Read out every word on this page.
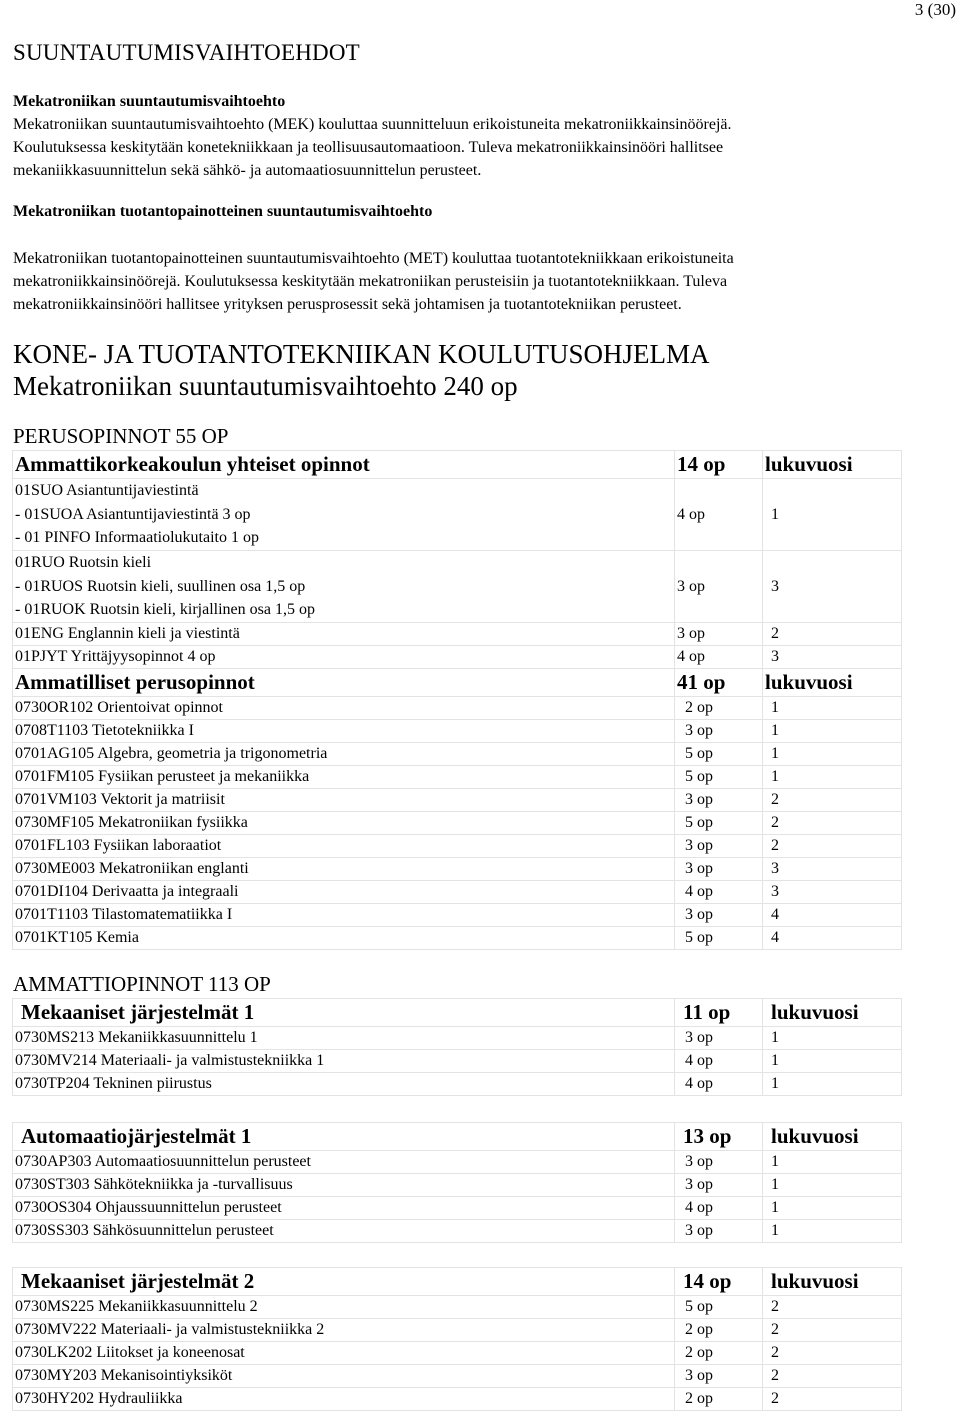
3 (30)
SUUNTAUTUMISVAIHTOEHDOT
Mekatroniikan suuntautumisvaihtoehto
Mekatroniikan suuntautumisvaihtoehto (MEK) kouluttaa suunnitteluun erikoistuneita mekatroniikkainsinöörejä.
Koulutuksessa keskitytään konetekniikkaan ja teollisuusautomaatioon. Tuleva mekatroniikkainsinööri hallitsee
mekaniikkasuunnittelun sekä sähkö- ja automaatiosuunnittelun perusteet.
Mekatroniikan tuotantopainotteinen suuntautumisvaihtoehto
Mekatroniikan tuotantopainotteinen suuntautumisvaihtoehto (MET) kouluttaa tuotantotekniikkaan erikoistuneita
mekatroniikkainsinöörejä. Koulutuksessa keskitytään mekatroniikan perusteisiin ja tuotantotekniikkaan. Tuleva
mekatroniikkainsinööri hallitsee yrityksen perusprosessit sekä johtamisen ja tuotantotekniikan perusteet.
KONE- JA TUOTANTOTEKNIIKAN KOULUTUSOHJELMA
Mekatroniikan suuntautumisvaihtoehto 240 op
PERUSOPINNOT 55 OP
Ammattikorkeakoulun yhteiset opinnot	14 op	lukuvuosi

01SUO Asiantuntijaviestintä
- 01SUOA Asiantuntijaviestintä 3 op
- 01 PINFO Informaatiolukutaito 1 op	4 op	1

01RUO Ruotsin kieli
- 01RUOS Ruotsin kieli, suullinen osa 1,5 op
- 01RUOK Ruotsin kieli, kirjallinen osa 1,5 op	3 op	3
01ENG Englannin kieli ja viestintä	3 op	2
01PJYT Yrittäjyysopinnot 4 op	4 op	3
Ammatilliset perusopinnot	41 op	lukuvuosi
0730OR102 Orientoivat opinnot	2 op	1
0708T1103 Tietotekniikka I	3 op	1
0701AG105 Algebra, geometria ja trigonometria	5 op	1
0701FM105 Fysiikan perusteet ja mekaniikka	5 op	1
0701VM103 Vektorit ja matriisit	3 op	2
0730MF105 Mekatroniikan fysiikka	5 op	2
0701FL103 Fysiikan laboraatiot	3 op	2
0730ME003 Mekatroniikan englanti	3 op	3
0701DI104 Derivaatta ja integraali	4 op	3
0701T1103 Tilastomatematiikka I	3 op	4
0701KT105 Kemia	5 op	4
AMMATTIOPINNOT 113 OP
Mekaaniset järjestelmät 1	11 op	lukuvuosi
0730MS213 Mekaniikkasuunnittelu 1	3 op	1
0730MV214 Materiaali- ja valmistustekniikka 1	4 op	1
0730TP204 Tekninen piirustus	4 op	1
Automaatiojärjestelmät 1	13 op	lukuvuosi
0730AP303 Automaatiosuunnittelun perusteet	3 op	1
0730ST303 Sähkötekniikka ja -turvallisuus	3 op	1
0730OS304 Ohjaussuunnittelun perusteet	4 op	1
0730SS303 Sähkösuunnittelun perusteet	3 op	1
Mekaaniset järjestelmät 2	14 op	lukuvuosi
0730MS225 Mekaniikkasuunnittelu 2	5 op	2
0730MV222 Materiaali- ja valmistustekniikka 2	2 op	2
0730LK202 Liitokset ja koneenosat	2 op	2
0730MY203 Mekanisointiyksiköt	3 op	2
0730HY202 Hydrauliikka	2 op	2
